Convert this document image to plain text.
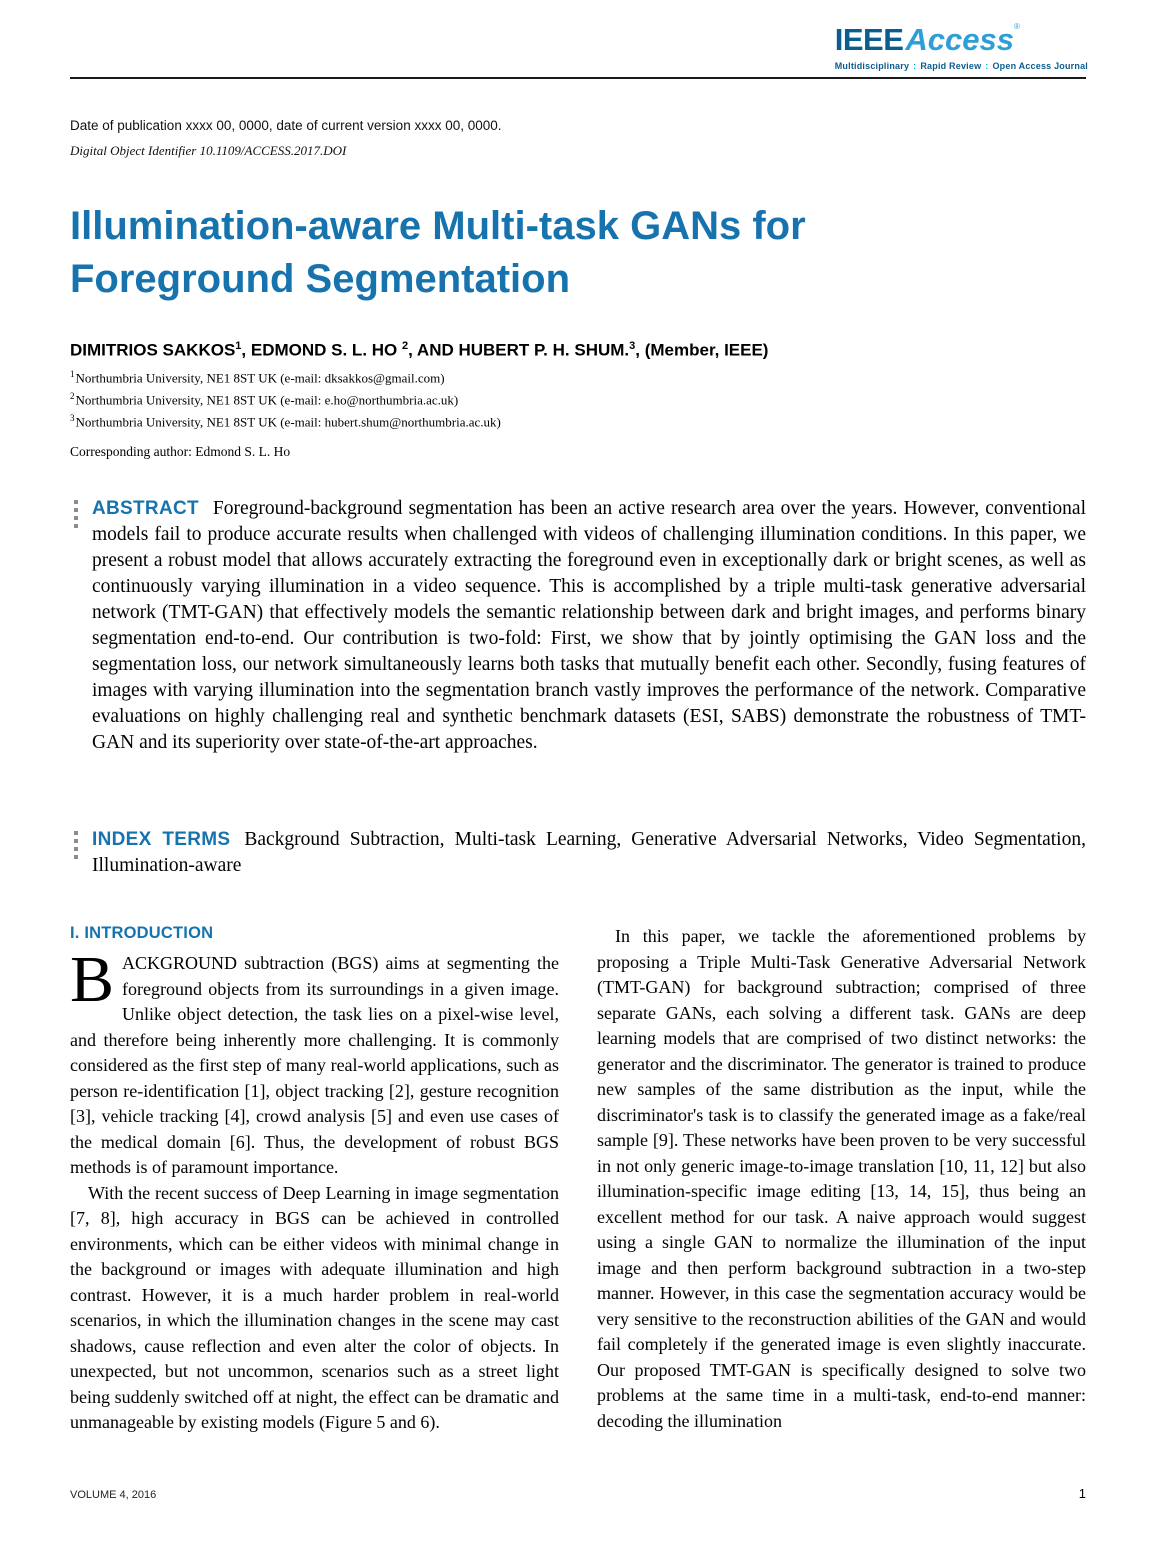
IEEEAccess®
Multidisciplinary : Rapid Review : Open Access Journal
Date of publication xxxx 00, 0000, date of current version xxxx 00, 0000.
Digital Object Identifier 10.1109/ACCESS.2017.DOI
Illumination-aware Multi-task GANs for
Foreground Segmentation
DIMITRIOS SAKKOS$^1$, EDMOND S. L. HO $^2$, AND HUBERT P. H. SHUM.$^3$, (Member, IEEE)
$^1$Northumbria University, NE1 8ST UK (e-mail: dksakkos@gmail.com)
$^2$Northumbria University, NE1 8ST UK (e-mail: e.ho@northumbria.ac.uk)
$^3$Northumbria University, NE1 8ST UK (e-mail: hubert.shum@northumbria.ac.uk)
Corresponding author: Edmond S. L. Ho

ABSTRACT Foreground-background segmentation has been an active research area over the years. However, conventional models fail to produce accurate results when challenged with videos of challenging illumination conditions. In this paper, we present a robust model that allows accurately extracting the foreground even in exceptionally dark or bright scenes, as well as continuously varying illumination in a video sequence. This is accomplished by a triple multi-task generative adversarial network (TMT-GAN) that effectively models the semantic relationship between dark and bright images, and performs binary segmentation end-to-end. Our contribution is two-fold: First, we show that by jointly optimising the GAN loss and the segmentation loss, our network simultaneously learns both tasks that mutually benefit each other. Secondly, fusing features of images with varying illumination into the segmentation branch vastly improves the performance of the network. Comparative evaluations on highly challenging real and synthetic benchmark datasets (ESI, SABS) demonstrate the robustness of TMT-GAN and its superiority over state-of-the-art approaches.

INDEX TERMS Background Subtraction, Multi-task Learning, Generative Adversarial Networks, Video Segmentation, Illumination-aware

I. INTRODUCTION

BACKGROUND subtraction (BGS) aims at segmenting the foreground objects from its surroundings in a given image. Unlike object detection, the task lies on a pixel-wise level, and therefore being inherently more challenging. It is commonly considered as the first step of many real-world applications, such as person re-identification [1], object tracking [2], gesture recognition [3], vehicle tracking [4], crowd analysis [5] and even use cases of the medical domain [6]. Thus, the development of robust BGS methods is of paramount importance.

With the recent success of Deep Learning in image segmentation [7, 8], high accuracy in BGS can be achieved in controlled environments, which can be either videos with minimal change in the background or images with adequate illumination and high contrast. However, it is a much harder problem in real-world scenarios, in which the illumination changes in the scene may cast shadows, cause reflection and even alter the color of objects. In unexpected, but not uncommon, scenarios such as a street light being suddenly switched off at night, the effect can be dramatic and unmanageable by existing models (Figure 5 and 6).

In this paper, we tackle the aforementioned problems by proposing a Triple Multi-Task Generative Adversarial Network (TMT-GAN) for background subtraction; comprised of three separate GANs, each solving a different task. GANs are deep learning models that are comprised of two distinct networks: the generator and the discriminator. The generator is trained to produce new samples of the same distribution as the input, while the discriminator's task is to classify the generated image as a fake/real sample [9]. These networks have been proven to be very successful in not only generic image-to-image translation [10, 11, 12] but also illumination-specific image editing [13, 14, 15], thus being an excellent method for our task. A naive approach would suggest using a single GAN to normalize the illumination of the input image and then perform background subtraction in a two-step manner. However, in this case the segmentation accuracy would be very sensitive to the reconstruction abilities of the GAN and would fail completely if the generated image is even slightly inaccurate. Our proposed TMT-GAN is specifically designed to solve two problems at the same time in a multi-task, end-to-end manner: decoding the illumination

VOLUME 4, 2016	1
